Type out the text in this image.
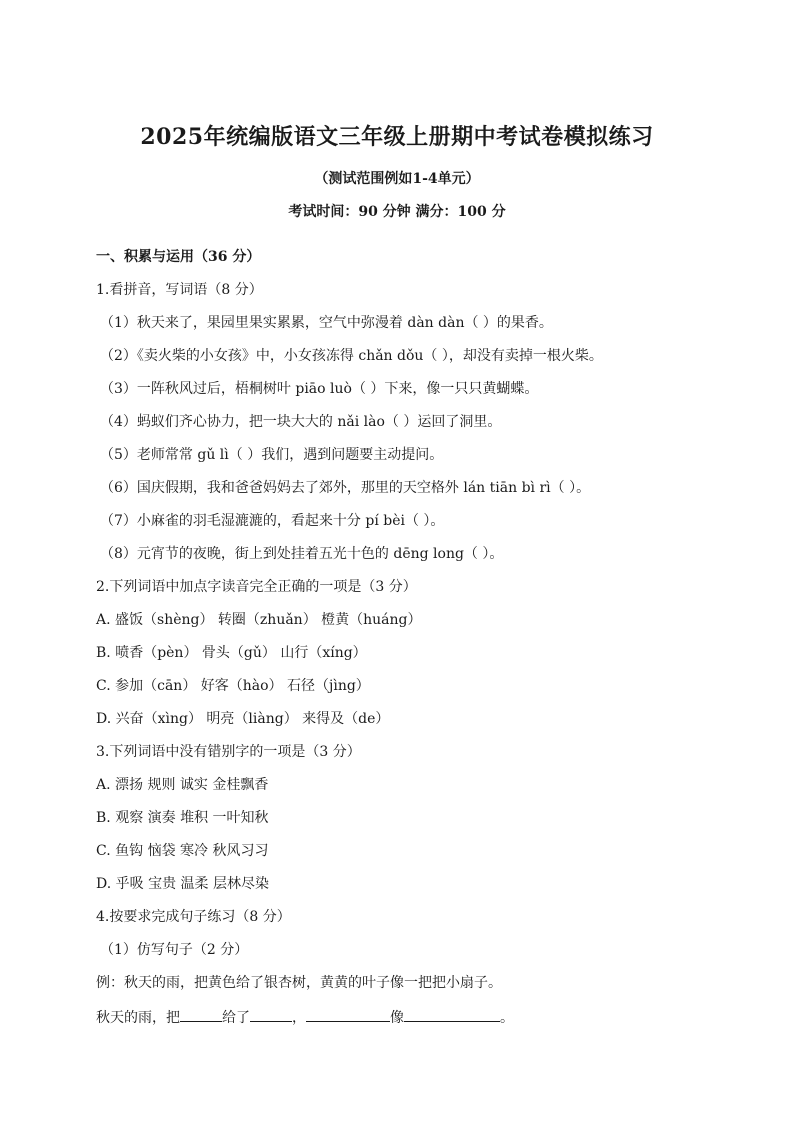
2025年统编版语文三年级上册期中考试卷模拟练习
（测试范围例如1-4单元）
考试时间：90 分钟 满分：100 分
一、积累与运用（36 分）
1.看拼音，写词语（8 分）
（1）秋天来了，果园里果实累累，空气中弥漫着 dàn dàn（ ）的果香。
（2）《卖火柴的小女孩》中，小女孩冻得 chǎn dǒu（ ），却没有卖掉一根火柴。
（3）一阵秋风过后，梧桐树叶 piāo luò（ ）下来，像一只只黄蝴蝶。
（4）蚂蚁们齐心协力，把一块大大的 nǎi lào（ ）运回了洞里。
（5）老师常常 gǔ lì（ ）我们，遇到问题要主动提问。
（6）国庆假期，我和爸爸妈妈去了郊外，那里的天空格外 lán tiān bì rì（ ）。
（7）小麻雀的羽毛湿漉漉的，看起来十分 pí bèi（ ）。
（8）元宵节的夜晚，街上到处挂着五光十色的 dēng long（ ）。
2.下列词语中加点字读音完全正确的一项是（3 分）
A. 盛饭（shèng） 转圈（zhuǎn） 橙黄（huáng）
B. 喷香（pèn） 骨头（gǔ） 山行（xíng）
C. 参加（cān） 好客（hào） 石径（jìng）
D. 兴奋（xìng） 明亮（liàng） 来得及（de）
3.下列词语中没有错别字的一项是（3 分）
A. 漂扬 规则 诚实 金桂飘香
B. 观察 演奏 堆积 一叶知秋
C. 鱼钩 恼袋 寒冷 秋风习习
D. 乎吸 宝贵 温柔 层林尽染
4.按要求完成句子练习（8 分）
（1）仿写句子（2 分）
例：秋天的雨，把黄色给了银杏树，黄黄的叶子像一把把小扇子。
秋天的雨，把	给了	，	像	。
